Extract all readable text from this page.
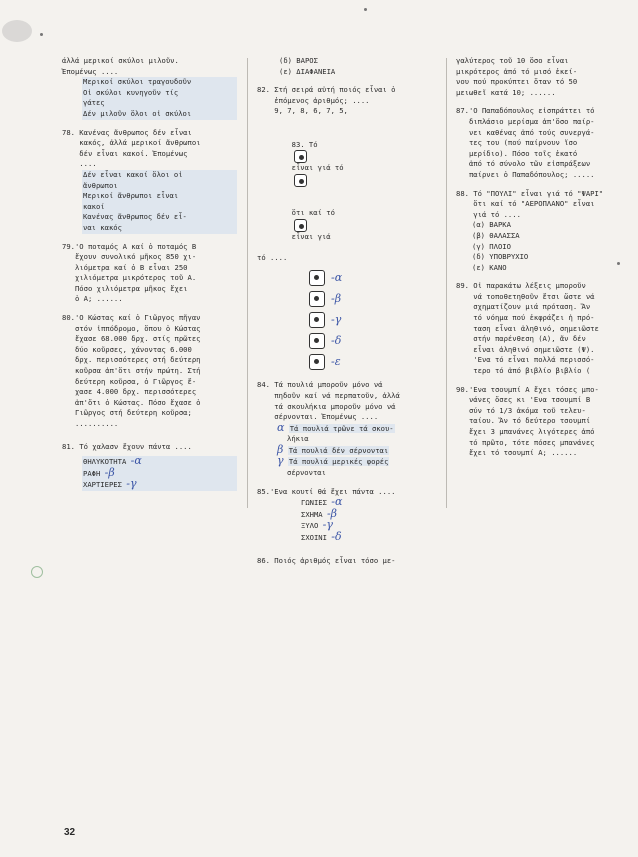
άλλά μερικοί σκύλοι μιλοῦν.
Ἐπομένως ....
Μερικοί σκύλοι τραγουδοῦν
Οἱ σκύλοι κυνηγοῦν τίς
γάτες
Δέν μιλοῦν ὅλοι οἱ σκύλοι
78. Κανένας ἄνθρωπος δέν εἶναι
κακός, ἀλλά μερικοί ἄνθρωποι
δέν εἶναι κακοί. Ἐπομένως
....
Δέν εἶναι κακοί ὅλοι οἱ
ἄνθρωποι
Μερικοί ἄνθρωποι εἶναι
κακοί
Κανένας ἄνθρωπος δέν εἶ-
ναι κακός
79.'Ο ποταμός Α καί ὁ ποταμός Β
ἔχουν συνολικό μῆκος 850 χι-
λιόμετρα καί ὁ Β εἶναι 250
χιλιόμετρα μικρότερος τοῦ Α.
Πόσο χιλιόμετρα μῆκος ἔχει
ὁ Α; ......
80.'Ο Κώστας καί ὁ Γιῶργος πῆγαν
στόν ἱππόδρομο, ὅπου ὁ Κώστας
ἔχασε 68.000 δρχ. στίς πρῶτες
δύο κοῦρσες, χάνοντας 6.000
δρχ. περισσότερες στή δεύτερη
κοῦρσα ἀπ'ὅτι στήν πρώτη. Στή
δεύτερη κοῦρσα, ὁ Γιῶργος ἔ-
χασε 4.000 δρχ. περισσότερες
ἀπ'ὅτι ὁ Κώστας. Πόσο ἔχασε ὁ
Γιῶργος στή δεύτερη κοῦρσα;
..........
81. Τό χαλασν ἔχουν πάντα ....
ΘΗΛΥΚΟΤΗΤΑ -α
ΡΑΦΗ -β
ΧΑΡΤΙΕΡΕΣ -γ
(δ) ΒΑΡΟΣ
(ε) ΔΙΑΦΑΝΕΙΑ
82. Στή σειρά αὐτή ποιός εἶναι ὁ
ἑπόμενος ἀριθμός; ....
9, 7, 8, 6, 7, 5,

83. Τό

εἶναι γιά τό

ὅτι καί τό

εἶναι γιά

τό ....
-α
-β
-γ
-δ
-ε
84. Τά πουλιά μποροῦν μόνο νά
πηδοῦν καί νά περπατοῦν, ἀλλά
τά σκουλήκια μποροῦν μόνο νά
σέρνονται. Ἐπομένως ....
α Τά πουλιά τρῶνε τά σκου-
λήκια
β Τά πουλιά δέν σέρνονται
γ Τά πουλιά μερικές φορές
σέρνονται
85.'Ενα κουτί θά ἔχει πάντα ....
ΓΩΝΙΕΣ -α
ΣΧΗΜΑ -β
ΞΥΛΟ -γ
ΣΧΟΙΝΙ -δ
86. Ποιός ἀριθμός εἶναι τόσο με-
γαλύτερος τοῦ 10 ὅσο εἶναι
μικρότερος ἀπό τό μισό ἐκεί-
νου πού προκύπτει ὅταν τό 50
μειωθεῖ κατά 10; ......
87.'Ο Παπαδόπουλος εἰσπράττει τό
διπλάσιο μερίσμα ἀπ'ὅσο παίρ-
νει καθένας ἀπό τούς συνεργά-
τες του (πού παίρνουν ἴσο
μερίδιο). Πόσο τοῖς ἑκατό
ἀπό τό σύνολο τῶν εἰσπράξεων
παίρνει ὁ Παπαδόπουλος; .....
88. Τό "ΠΟΥΛΙ" εἶναι γιά τό "ΨΑΡΙ"
ὅτι καί τό "ΑΕΡΟΠΛΑΝΟ" εἶναι
γιά τό ....
(α) ΒΑΡΚΑ
(β) ΘΑΛΑΣΣΑ
(γ) ΠΛΟΙΟ
(δ) ΥΠΟΒΡΥΧΙΟ
(ε) ΚΑΝΟ
89. Οἱ παρακάτω λέξεις μποροῦν
νά τοποθετηθοῦν ἔτσι ὥστε νά
σχηματίζουν μιά πρόταση. Ἄν
τό νόημα πού ἐκφράζει ἡ πρό-
ταση εἶναι ἀληθινό, σημειῶστε
στήν παρένθεση (Α), ἄν δέν
εἶναι ἀληθινό σημειῶστε (Ψ).
'Ενα τό εἶναι πολλά περισσό-
τερο τό ἀπό βιβλίο βιβλίο (
90.'Ενα τσουμπί Α ἔχει τόσες μπο-
νάνες ὅσες κι 'Ενα τσουμπί Β
σύν τό 1/3 ἀκόμα τοῦ τελευ-
ταίου. Ἄν τό δεύτερο τσουμπί
ἔχει 3 μπανάνες λιγότερες ἀπό
τό πρῶτο, τότε πόσες μπανάνες
ἔχει τό τσουμπί Α; ......
32
